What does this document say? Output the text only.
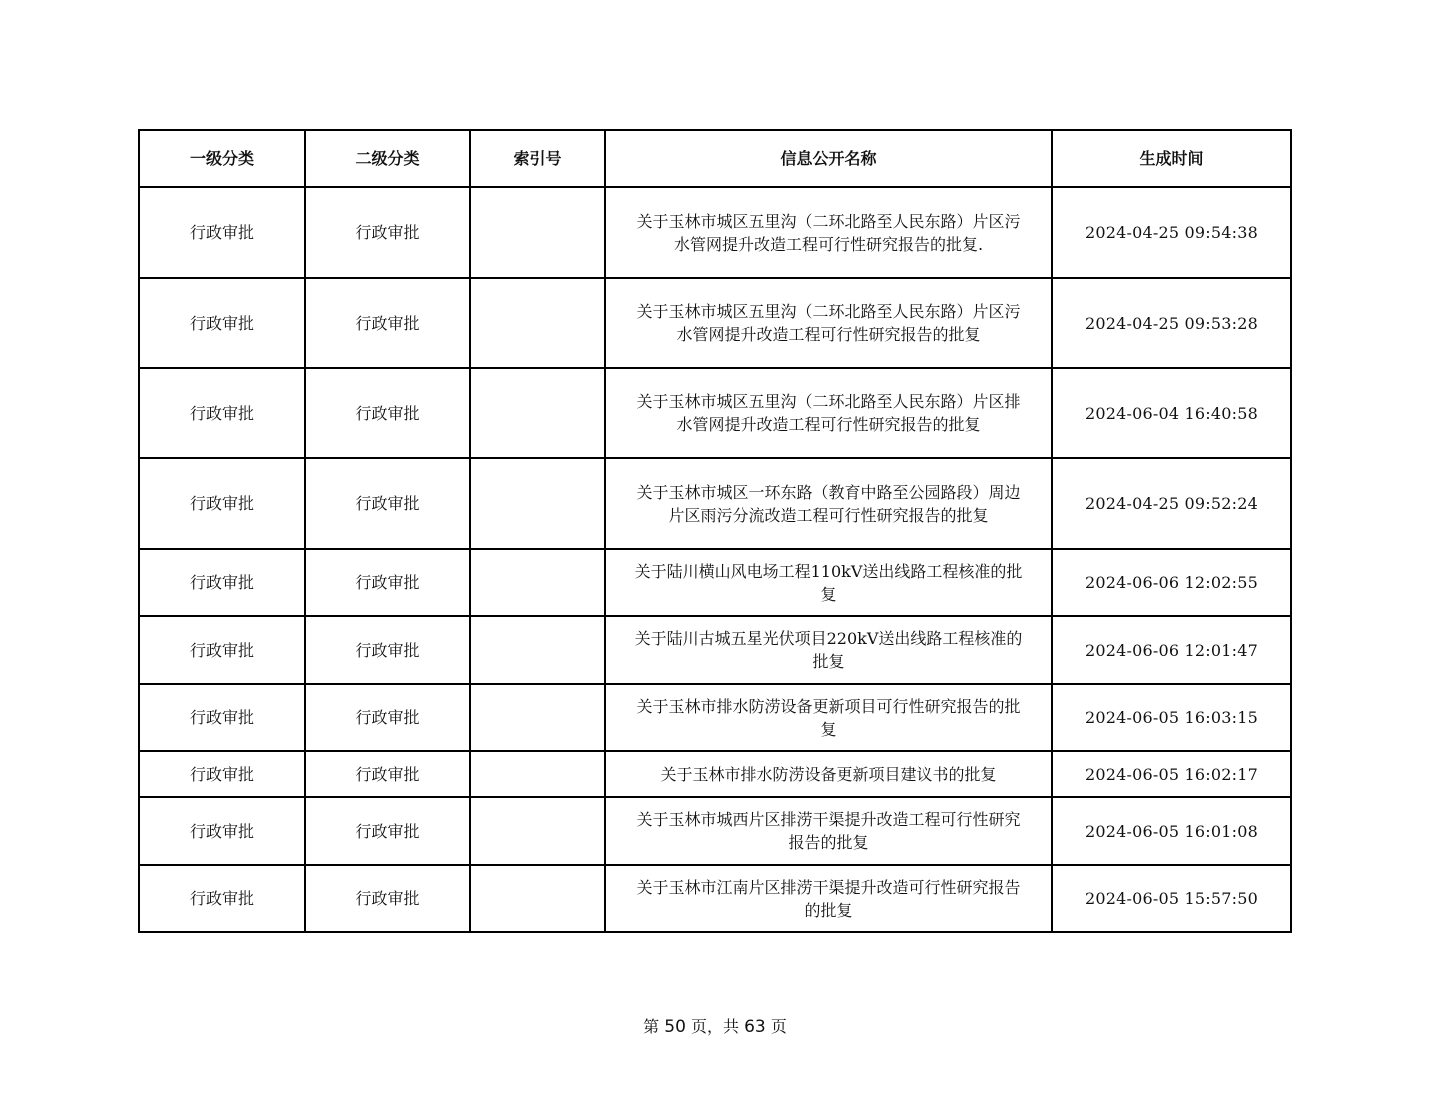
一级分类	二级分类	索引号	信息公开名称	生成时间
行政审批	行政审批		关于玉林市城区五里沟（二环北路至人民东路）片区污
水管网提升改造工程可行性研究报告的批复.	2024-04-25 09:54:38
行政审批	行政审批		关于玉林市城区五里沟（二环北路至人民东路）片区污
水管网提升改造工程可行性研究报告的批复	2024-04-25 09:53:28
行政审批	行政审批		关于玉林市城区五里沟（二环北路至人民东路）片区排
水管网提升改造工程可行性研究报告的批复	2024-06-04 16:40:58
行政审批	行政审批		关于玉林市城区一环东路（教育中路至公园路段）周边
片区雨污分流改造工程可行性研究报告的批复	2024-04-25 09:52:24
行政审批	行政审批		关于陆川横山风电场工程110kV送出线路工程核准的批
复	2024-06-06 12:02:55
行政审批	行政审批		关于陆川古城五星光伏项目220kV送出线路工程核准的
批复	2024-06-06 12:01:47
行政审批	行政审批		关于玉林市排水防涝设备更新项目可行性研究报告的批
复	2024-06-05 16:03:15
行政审批	行政审批		关于玉林市排水防涝设备更新项目建议书的批复	2024-06-05 16:02:17
行政审批	行政审批		关于玉林市城西片区排涝干渠提升改造工程可行性研究
报告的批复	2024-06-05 16:01:08
行政审批	行政审批		关于玉林市江南片区排涝干渠提升改造可行性研究报告
的批复	2024-06-05 15:57:50
第 50 页，共 63 页
